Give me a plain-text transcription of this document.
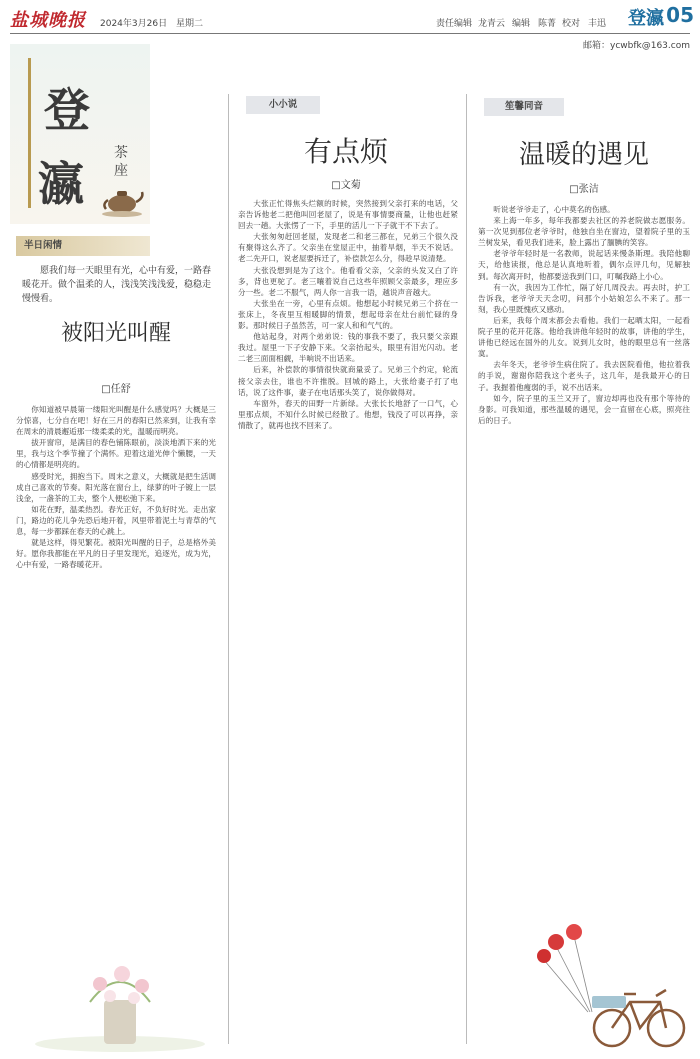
盐城晚报 2024年3月26日 星期二	责任编辑 龙青云 编辑 陈菁 校对 丰迅 登瀛 05
邮箱：ycwbfk@163.com
登
瀛
茶座
半日闲情
愿我们每一天眼里有光，心中有爱，一路春暖花开。做个温柔的人，浅浅笑浅浅爱，稳稳走慢慢看。
被阳光叫醒
□任舒

你知道被早晨第一缕阳光叫醒是什么感觉吗？大概是三分惊喜，七分自在吧！好在三月的春阳已然来到，让我有幸在周末的清晨邂逅那一缕柔柔的光，温暖而明亮。

拔开窗帘，是满目的春色铺陈眼前，淡淡地洒下来的光里，我与这个季节撞了个满怀。迎着这道光伸个懒腰，一天的心情都是明亮的。

感受时光，拥抱当下。周末之意义，大概就是把生活调成自己喜欢的节奏。阳光落在窗台上，绿萝的叶子镀上一层浅金，一盏茶的工夫，整个人便松弛下来。

如花在野，温柔热烈。春光正好，不负好时光。走出家门，路边的花儿争先恐后地开着，风里带着泥土与青草的气息，每一步都踩在春天的心跳上。

就是这样，得见繁花。被阳光叫醒的日子，总是格外美好。愿你我都能在平凡的日子里发现光，追逐光，成为光，心中有爱，一路春暖花开。

小小说
有点烦
□文菊

大张正忙得焦头烂额的时候，突然接到父亲打来的电话，父亲告诉他老二把他叫回老屋了，说是有事情要商量，让他也赶紧回去一趟。大张愣了一下，手里的活儿一下子就干不下去了。

大张匆匆赶回老屋，发现老二和老三都在，兄弟三个很久没有聚得这么齐了。父亲坐在堂屋正中，抽着旱烟，半天不说话。老二先开口，说老屋要拆迁了，补偿款怎么分，得趁早说清楚。

大张没想到是为了这个。他看看父亲，父亲的头发又白了许多，背也更驼了。老三嚷着说自己这些年照顾父亲最多，理应多分一些。老二不服气，两人你一言我一语，越说声音越大。

大张坐在一旁，心里有点烦。他想起小时候兄弟三个挤在一张床上，冬夜里互相暖脚的情景，想起母亲在灶台前忙碌的身影。那时候日子虽然苦，可一家人和和气气的。

他站起身，对两个弟弟说：钱的事我不要了，我只要父亲跟我过。屋里一下子安静下来。父亲抬起头，眼里有泪光闪动。老二老三面面相觑，半晌说不出话来。

后来，补偿款的事情很快就商量妥了。兄弟三个约定，轮流接父亲去住，谁也不许推脱。回城的路上，大张给妻子打了电话，说了这件事，妻子在电话那头笑了，说你做得对。

车窗外，春天的田野一片新绿。大张长长地舒了一口气，心里那点烦，不知什么时候已经散了。他想，钱没了可以再挣，亲情散了，就再也找不回来了。

笙馨同音
温暖的遇见
□张洁

听说老爷爷走了，心中莫名的伤感。

来上海一年多，每年我都要去社区的养老院做志愿服务。第一次见到那位老爷爷时，他独自坐在窗边，望着院子里的玉兰树发呆，看见我们进来，脸上露出了腼腆的笑容。

老爷爷年轻时是一名教师，说起话来慢条斯理。我陪他聊天，给他读报，他总是认真地听着，偶尔点评几句，见解独到。每次离开时，他都要送我到门口，叮嘱我路上小心。

有一次，我因为工作忙，隔了好几周没去。再去时，护工告诉我，老爷爷天天念叨，问那个小姑娘怎么不来了。那一刻，我心里既愧疚又感动。

后来，我每个周末都会去看他。我们一起晒太阳，一起看院子里的花开花落。他给我讲他年轻时的故事，讲他的学生，讲他已经远在国外的儿女。说到儿女时，他的眼里总有一丝落寞。

去年冬天，老爷爷生病住院了。我去医院看他，他拉着我的手说，谢谢你陪我这个老头子，这几年，是我最开心的日子。我握着他瘦弱的手，说不出话来。

如今，院子里的玉兰又开了，窗边却再也没有那个等待的身影。可我知道，那些温暖的遇见，会一直留在心底，照亮往后的日子。
